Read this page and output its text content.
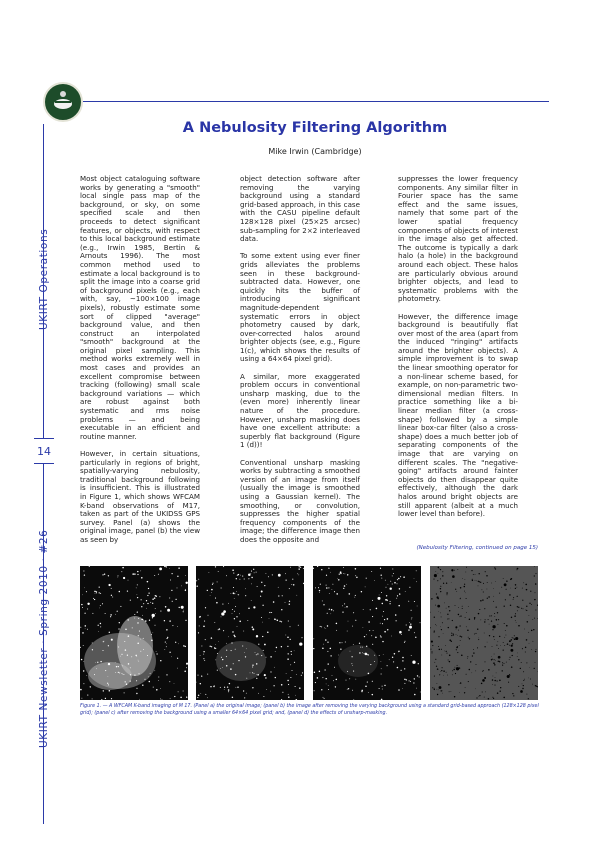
UKIRT Operations
14
UKIRT Newsletter · Spring 2010 · #26
A Nebulosity Filtering Algorithm
Mike Irwin (Cambridge)

Most object cataloguing software works by generating a "smooth" local single pass map of the background, or sky, on some specified scale and then proceeds to detect significant features, or objects, with respect to this local background estimate (e.g., Irwin 1985, Bertin & Arnouts 1996). The most common method used to estimate a local background is to split the image into a coarse grid of background pixels (e.g., each with, say, ~100×100 image pixels), robustly estimate some sort of clipped "average" background value, and then construct an interpolated "smooth" background at the original pixel sampling. This method works extremely well in most cases and provides an excellent compromise between tracking (following) small scale background variations — which are robust against both systematic and rms noise problems — and being executable in an efficient and routine manner.

However, in certain situations, particularly in regions of bright, spatially-varying nebulosity, traditional background following is insufficient. This is illustrated in Figure 1, which shows WFCAM K-band observations of M17, taken as part of the UKIDSS GPS survey. Panel (a) shows the original image, panel (b) the view as seen by

object detection software after removing the varying background using a standard grid-based approach, in this case with the CASU pipeline default 128×128 pixel (25×25 arcsec) sub-sampling for 2×2 interleaved data.

To some extent using ever finer grids alleviates the problems seen in these background-subtracted data. However, one quickly hits the buffer of introducing significant magnitude-dependent systematic errors in object photometry caused by dark, over-corrected halos around brighter objects (see, e.g., Figure 1(c), which shows the results of using a 64×64 pixel grid).

A similar, more exaggerated problem occurs in conventional unsharp masking, due to the (even more) inherently linear nature of the procedure. However, unsharp masking does have one excellent attribute: a superbly flat background (Figure 1 (d))!

Conventional unsharp masking works by subtracting a smoothed version of an image from itself (usually the image is smoothed using a Gaussian kernel). The smoothing, or convolution, suppresses the higher spatial frequency components of the image; the difference image then does the opposite and

suppresses the lower frequency components. Any similar filter in Fourier space has the same effect and the same issues, namely that some part of the lower spatial frequency components of objects of interest in the image also get affected. The outcome is typically a dark halo (a hole) in the background around each object. These halos are particularly obvious around brighter objects, and lead to systematic problems with the photometry.

However, the difference image background is beautifully flat over most of the area (apart from the induced "ringing" artifacts around the brighter objects). A simple improvement is to swap the linear smoothing operator for a non-linear scheme based, for example, on non-parametric two-dimensional median filters. In practice something like a bi-linear median filter (a cross-shape) followed by a simple linear box-car filter (also a cross-shape) does a much better job of separating components of the image that are varying on different scales. The "negative-going" artifacts around fainter objects do then disappear quite effectively, although the dark halos around bright objects are still apparent (albeit at a much lower level than before).

(Nebulosity Filtering, continued on page 15)
Figure 1. — A WFCAM K-band imaging of M 17. (Panel a) the original image; (panel b) the image after removing the varying background using a standard grid-based approach (128×128 pixel grid); (panel c) after removing the background using a smaller 64×64 pixel grid; and, (panel d) the effects of unsharp-masking.
